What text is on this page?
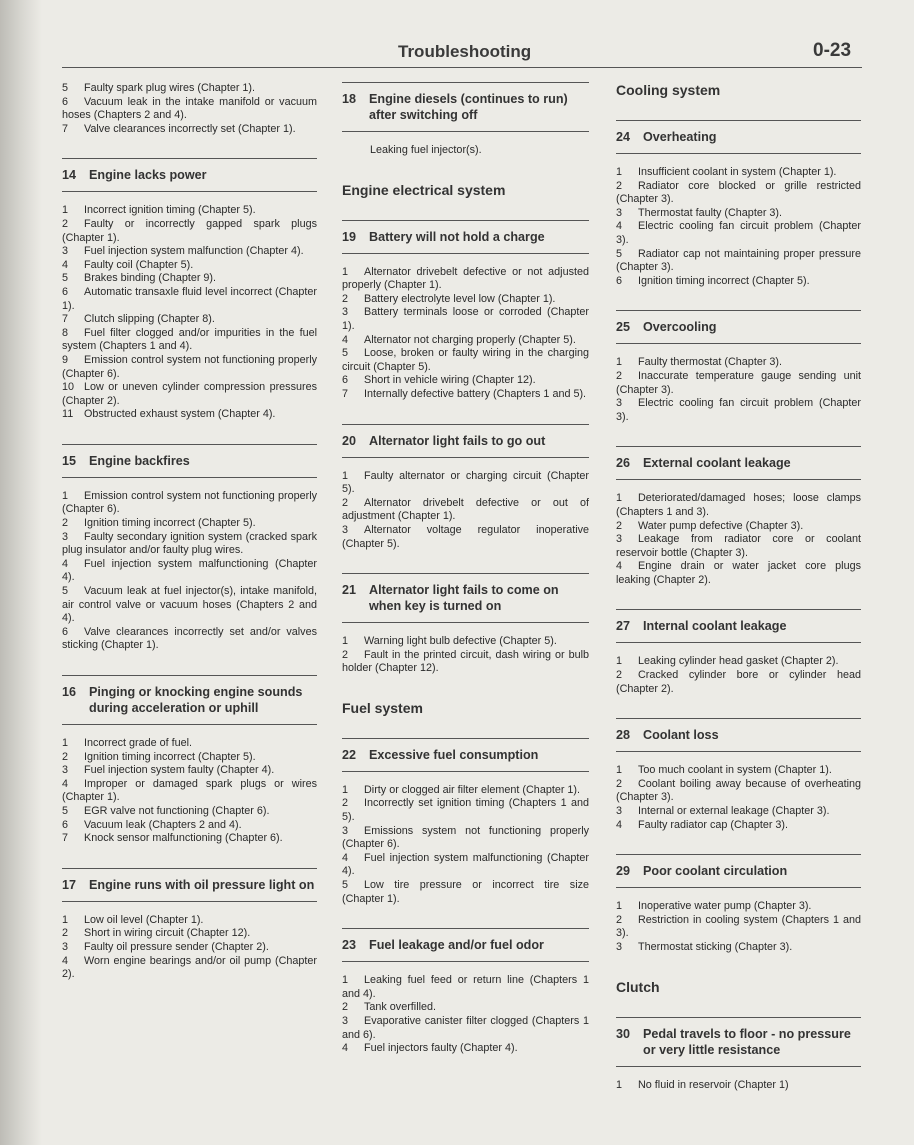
Troubleshooting	0-23

5 Faulty spark plug wires (Chapter 1).

6 Vacuum leak in the intake manifold or vacuum hoses (Chapters 2 and 4).

7 Valve clearances incorrectly set (Chapter 1).

14	Engine lacks power

1 Incorrect ignition timing (Chapter 5).

2 Faulty or incorrectly gapped spark plugs (Chapter 1).

3 Fuel injection system malfunction (Chapter 4).

4 Faulty coil (Chapter 5).

5 Brakes binding (Chapter 9).

6 Automatic transaxle fluid level incorrect (Chapter 1).

7 Clutch slipping (Chapter 8).

8 Fuel filter clogged and/or impurities in the fuel system (Chapters 1 and 4).

9 Emission control system not functioning properly (Chapter 6).

10 Low or uneven cylinder compression pressures (Chapter 2).

11 Obstructed exhaust system (Chapter 4).

15	Engine backfires

1 Emission control system not functioning properly (Chapter 6).

2 Ignition timing incorrect (Chapter 5).

3 Faulty secondary ignition system (cracked spark plug insulator and/or faulty plug wires.

4 Fuel injection system malfunctioning (Chapter 4).

5 Vacuum leak at fuel injector(s), intake manifold, air control valve or vacuum hoses (Chapters 2 and 4).

6 Valve clearances incorrectly set and/or valves sticking (Chapter 1).

16	Pinging or knocking engine sounds during acceleration or uphill

1 Incorrect grade of fuel.

2 Ignition timing incorrect (Chapter 5).

3 Fuel injection system faulty (Chapter 4).

4 Improper or damaged spark plugs or wires (Chapter 1).

5 EGR valve not functioning (Chapter 6).

6 Vacuum leak (Chapters 2 and 4).

7 Knock sensor malfunctioning (Chapter 6).

17	Engine runs with oil pressure light on

1 Low oil level (Chapter 1).

2 Short in wiring circuit (Chapter 12).

3 Faulty oil pressure sender (Chapter 2).

4 Worn engine bearings and/or oil pump (Chapter 2).

18	Engine diesels (continues to run) after switching off

Leaking fuel injector(s).

Engine electrical system
19	Battery will not hold a charge

1 Alternator drivebelt defective or not adjusted properly (Chapter 1).

2 Battery electrolyte level low (Chapter 1).

3 Battery terminals loose or corroded (Chapter 1).

4 Alternator not charging properly (Chapter 5).

5 Loose, broken or faulty wiring in the charging circuit (Chapter 5).

6 Short in vehicle wiring (Chapter 12).

7 Internally defective battery (Chapters 1 and 5).

20	Alternator light fails to go out

1 Faulty alternator or charging circuit (Chapter 5).

2 Alternator drivebelt defective or out of adjustment (Chapter 1).

3 Alternator voltage regulator inoperative (Chapter 5).

21	Alternator light fails to come on when key is turned on

1 Warning light bulb defective (Chapter 5).

2 Fault in the printed circuit, dash wiring or bulb holder (Chapter 12).

Fuel system
22	Excessive fuel consumption

1 Dirty or clogged air filter element (Chapter 1).

2 Incorrectly set ignition timing (Chapters 1 and 5).

3 Emissions system not functioning properly (Chapter 6).

4 Fuel injection system malfunctioning (Chapter 4).

5 Low tire pressure or incorrect tire size (Chapter 1).

23	Fuel leakage and/or fuel odor

1 Leaking fuel feed or return line (Chapters 1 and 4).

2 Tank overfilled.

3 Evaporative canister filter clogged (Chapters 1 and 6).

4 Fuel injectors faulty (Chapter 4).

Cooling system
24	Overheating

1 Insufficient coolant in system (Chapter 1).

2 Radiator core blocked or grille restricted (Chapter 3).

3 Thermostat faulty (Chapter 3).

4 Electric cooling fan circuit problem (Chapter 3).

5 Radiator cap not maintaining proper pressure (Chapter 3).

6 Ignition timing incorrect (Chapter 5).

25	Overcooling

1 Faulty thermostat (Chapter 3).

2 Inaccurate temperature gauge sending unit (Chapter 3).

3 Electric cooling fan circuit problem (Chapter 3).

26	External coolant leakage

1 Deteriorated/damaged hoses; loose clamps (Chapters 1 and 3).

2 Water pump defective (Chapter 3).

3 Leakage from radiator core or coolant reservoir bottle (Chapter 3).

4 Engine drain or water jacket core plugs leaking (Chapter 2).

27	Internal coolant leakage

1 Leaking cylinder head gasket (Chapter 2).

2 Cracked cylinder bore or cylinder head (Chapter 2).

28	Coolant loss

1 Too much coolant in system (Chapter 1).

2 Coolant boiling away because of overheating (Chapter 3).

3 Internal or external leakage (Chapter 3).

4 Faulty radiator cap (Chapter 3).

29	Poor coolant circulation

1 Inoperative water pump (Chapter 3).

2 Restriction in cooling system (Chapters 1 and 3).

3 Thermostat sticking (Chapter 3).

Clutch
30	Pedal travels to floor - no pressure or very little resistance

1 No fluid in reservoir (Chapter 1)
